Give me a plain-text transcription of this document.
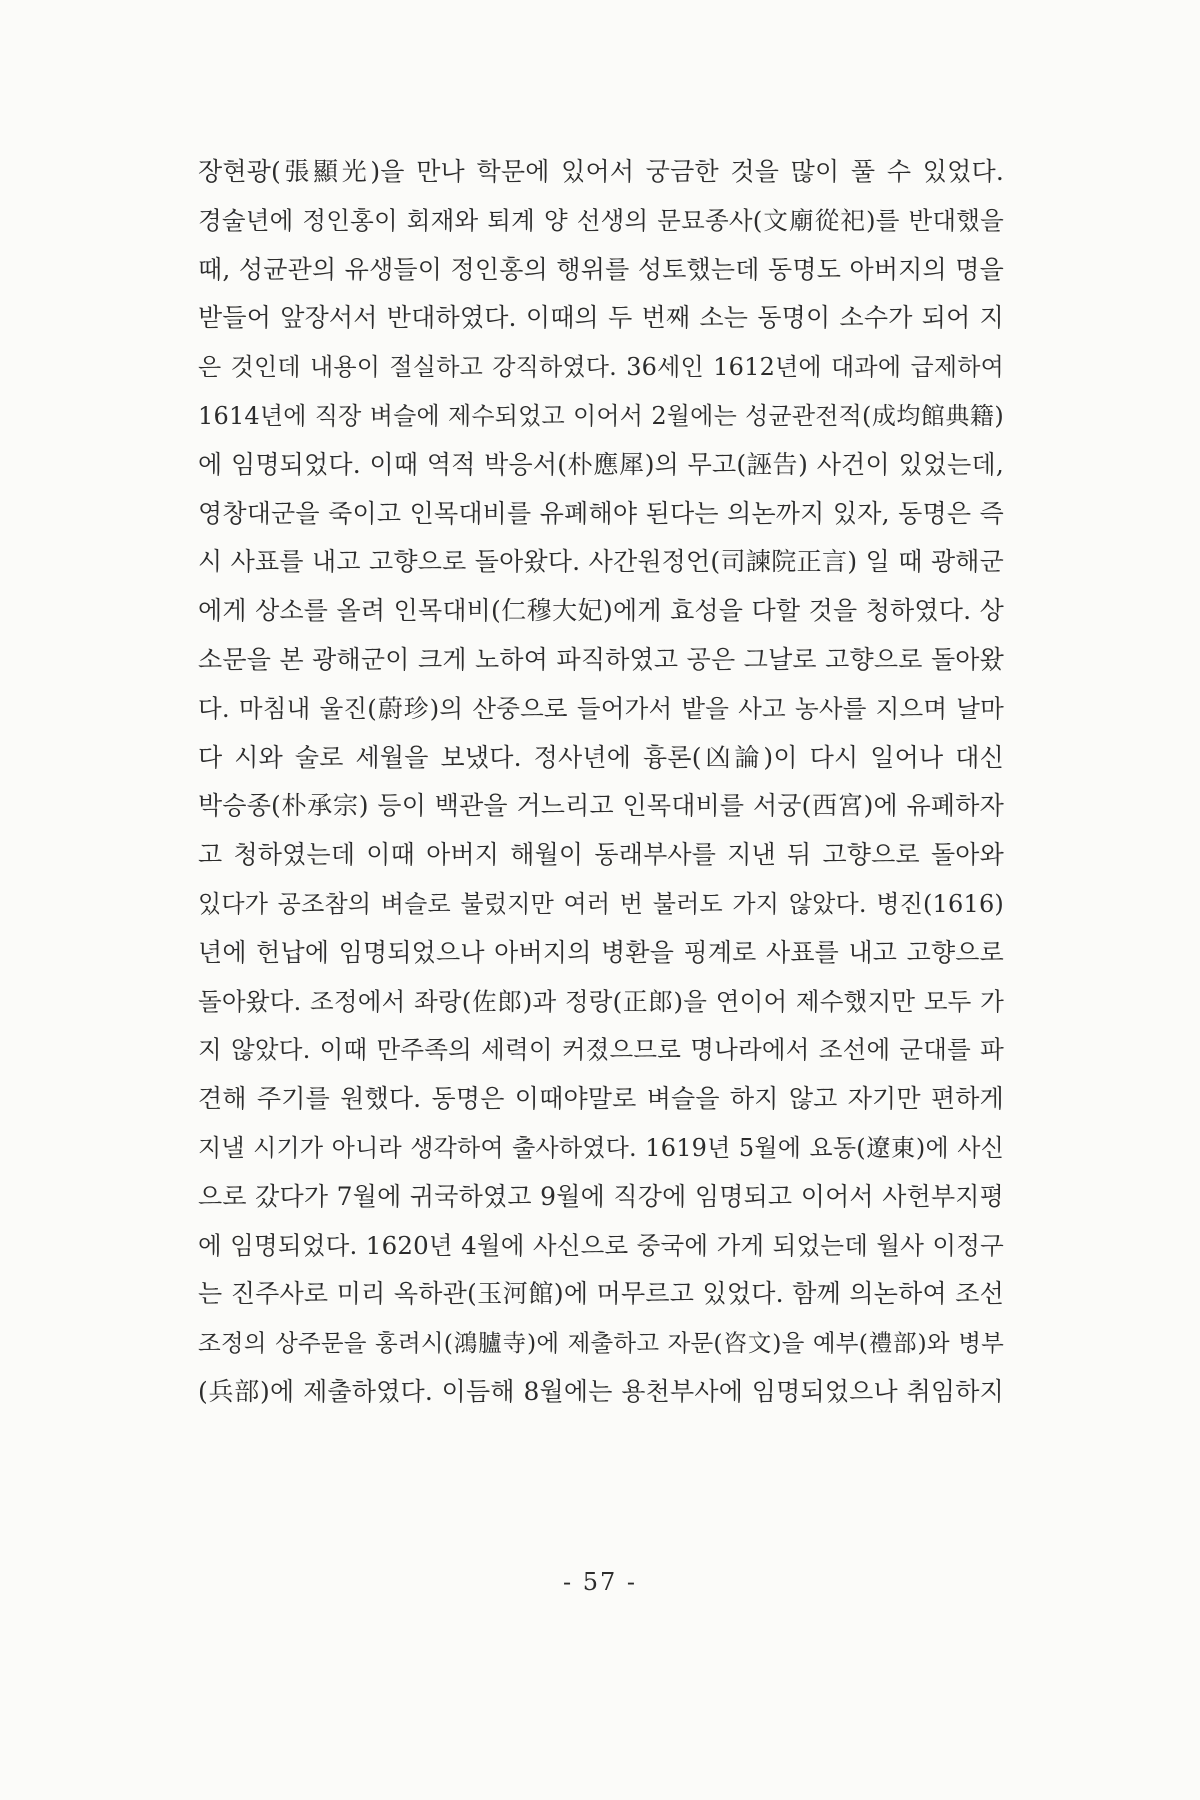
장현광(張顯光)을 만나 학문에 있어서 궁금한 것을 많이 풀 수 있었다.
경술년에 정인홍이 회재와 퇴계 양 선생의 문묘종사(文廟從祀)를 반대했을
때, 성균관의 유생들이 정인홍의 행위를 성토했는데 동명도 아버지의 명을
받들어 앞장서서 반대하였다. 이때의 두 번째 소는 동명이 소수가 되어 지
은 것인데 내용이 절실하고 강직하였다. 36세인 1612년에 대과에 급제하여
1614년에 직장 벼슬에 제수되었고 이어서 2월에는 성균관전적(成均館典籍)
에 임명되었다. 이때 역적 박응서(朴應犀)의 무고(誣告) 사건이 있었는데,
영창대군을 죽이고 인목대비를 유폐해야 된다는 의논까지 있자, 동명은 즉
시 사표를 내고 고향으로 돌아왔다. 사간원정언(司諫院正言) 일 때 광해군
에게 상소를 올려 인목대비(仁穆大妃)에게 효성을 다할 것을 청하였다. 상
소문을 본 광해군이 크게 노하여 파직하였고 공은 그날로 고향으로 돌아왔
다. 마침내 울진(蔚珍)의 산중으로 들어가서 밭을 사고 농사를 지으며 날마
다 시와 술로 세월을 보냈다. 정사년에 흉론(凶論)이 다시 일어나 대신
박승종(朴承宗) 등이 백관을 거느리고 인목대비를 서궁(西宮)에 유폐하자
고 청하였는데 이때 아버지 해월이 동래부사를 지낸 뒤 고향으로 돌아와
있다가 공조참의 벼슬로 불렀지만 여러 번 불러도 가지 않았다. 병진(1616)
년에 헌납에 임명되었으나 아버지의 병환을 핑계로 사표를 내고 고향으로
돌아왔다. 조정에서 좌랑(佐郎)과 정랑(正郎)을 연이어 제수했지만 모두 가
지 않았다. 이때 만주족의 세력이 커졌으므로 명나라에서 조선에 군대를 파
견해 주기를 원했다. 동명은 이때야말로 벼슬을 하지 않고 자기만 편하게
지낼 시기가 아니라 생각하여 출사하였다. 1619년 5월에 요동(遼東)에 사신
으로 갔다가 7월에 귀국하였고 9월에 직강에 임명되고 이어서 사헌부지평
에 임명되었다. 1620년 4월에 사신으로 중국에 가게 되었는데 월사 이정구
는 진주사로 미리 옥하관(玉河館)에 머무르고 있었다. 함께 의논하여 조선
조정의 상주문을 홍려시(鴻臚寺)에 제출하고 자문(咨文)을 예부(禮部)와 병부
(兵部)에 제출하였다. 이듬해 8월에는 용천부사에 임명되었으나 취임하지
- 57 -
